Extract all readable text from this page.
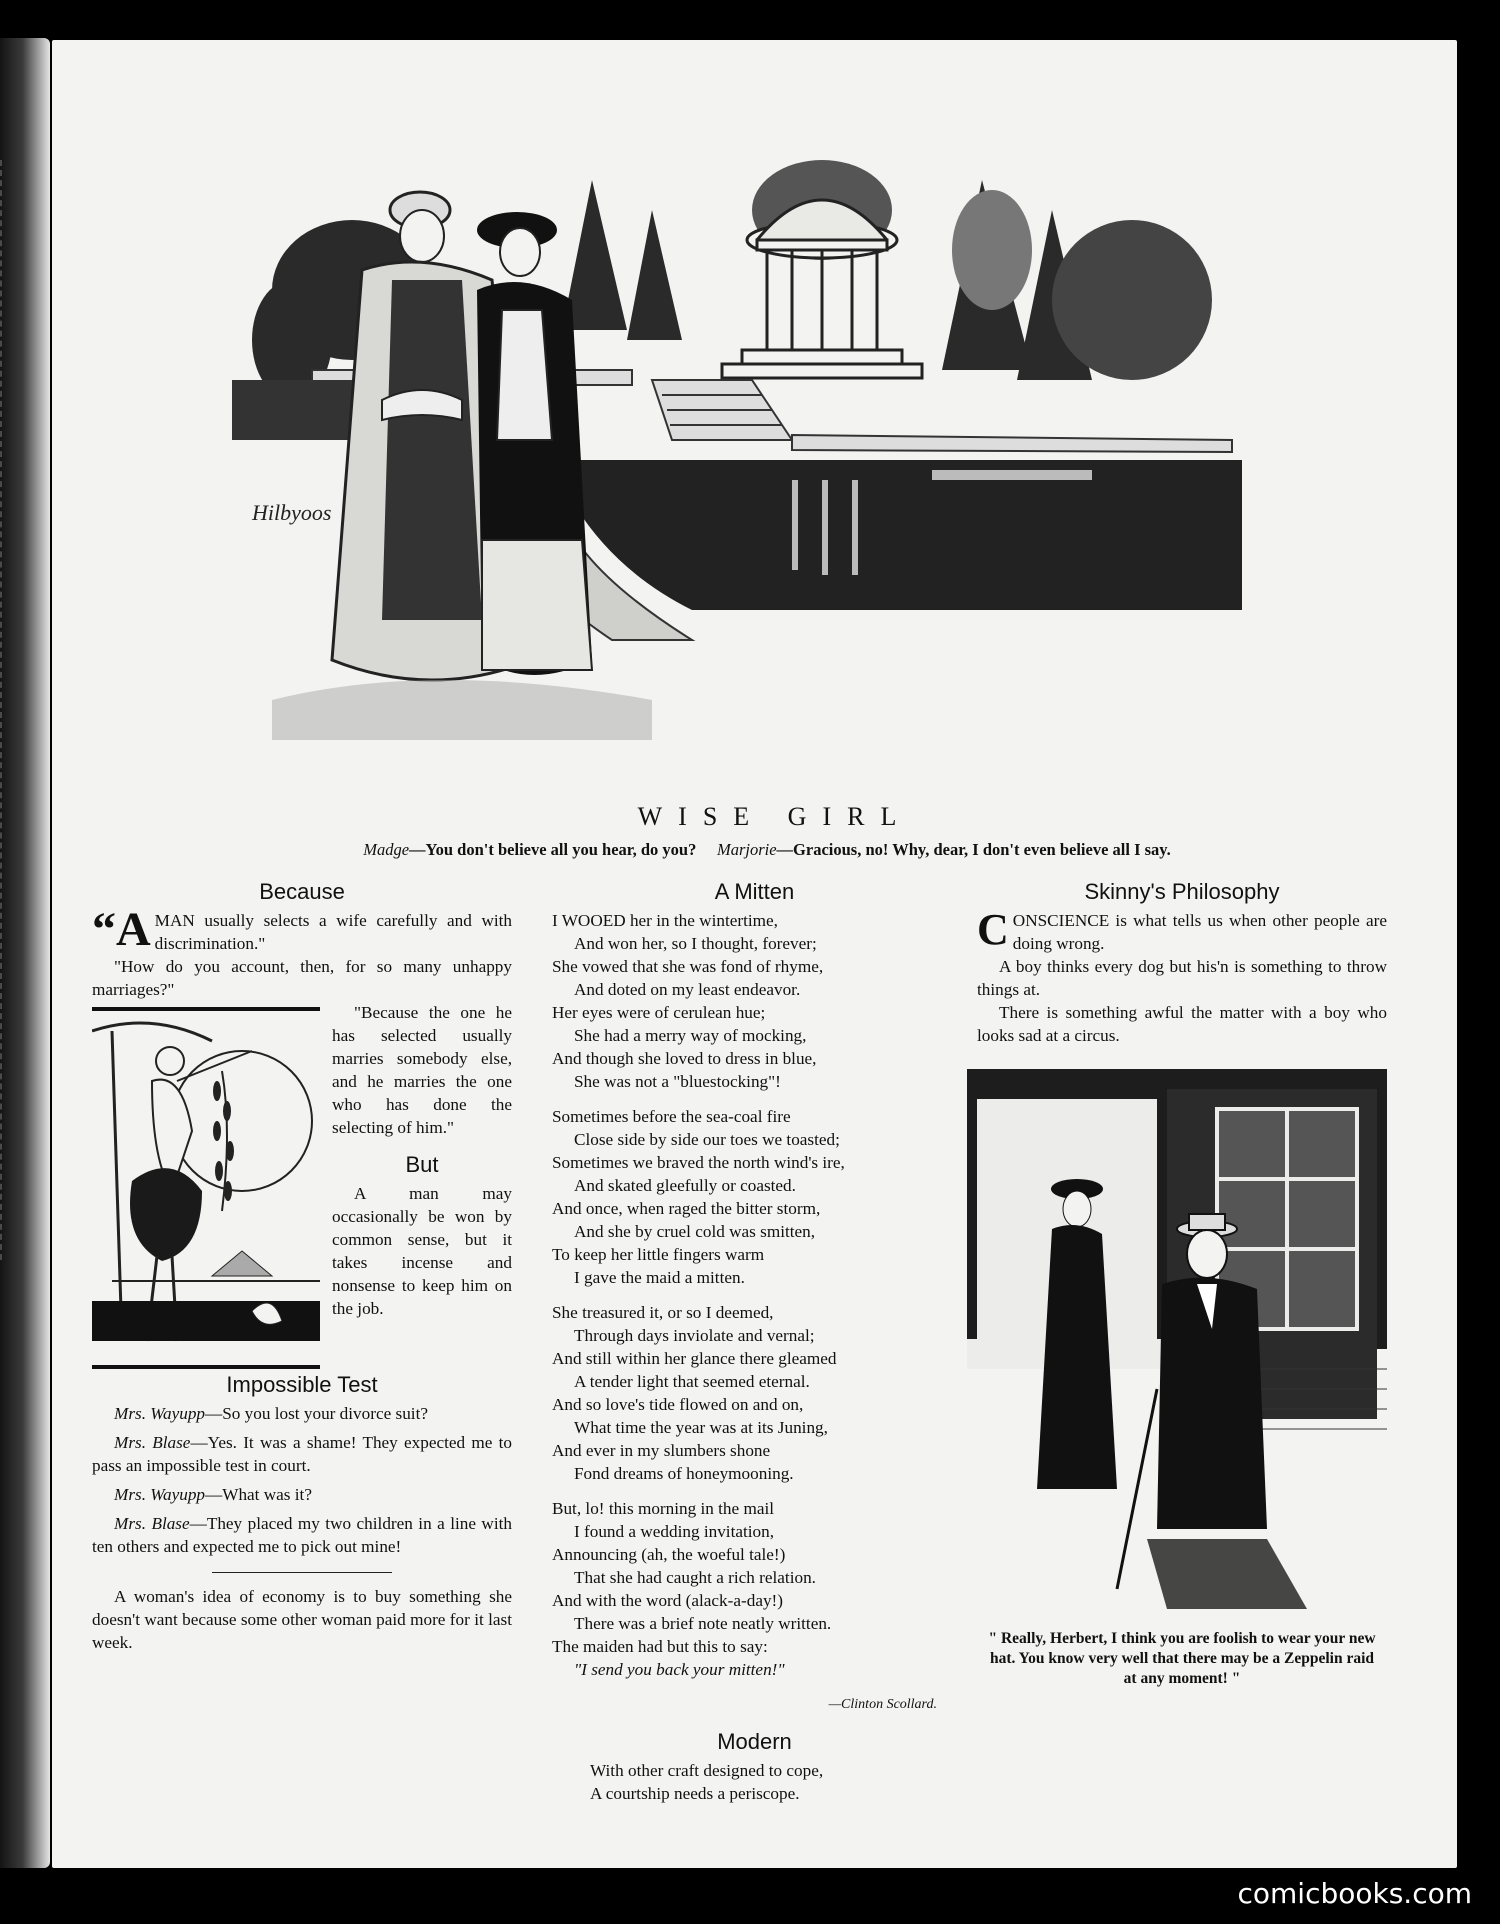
Hilbyoos
WISE GIRL
Madge—You don't believe all you hear, do you? Marjorie—Gracious, no! Why, dear, I don't even believe all I say.
Because

“A MAN usually selects a wife carefully and with discrimination."

"How do you account, then, for so many unhappy marriages?"

"Because the one he has selected usually marries somebody else, and he marries the one who has done the selecting of him."

But

A man may occasionally be won by common sense, but it takes incense and nonsense to keep him on the job.

Impossible Test

Mrs. Wayupp—So you lost your divorce suit?

Mrs. Blase—Yes. It was a shame! They expected me to pass an impossible test in court.

Mrs. Wayupp—What was it?

Mrs. Blase—They placed my two children in a line with ten others and expected me to pick out mine!

A woman's idea of economy is to buy something she doesn't want because some other woman paid more for it last week.

A Mitten
I WOOED her in the wintertime,
And won her, so I thought, forever;
She vowed that she was fond of rhyme,
And doted on my least endeavor.
Her eyes were of cerulean hue;
She had a merry way of mocking,
And though she loved to dress in blue,
She was not a "bluestocking"!
Sometimes before the sea-coal fire
Close side by side our toes we toasted;
Sometimes we braved the north wind's ire,
And skated gleefully or coasted.
And once, when raged the bitter storm,
And she by cruel cold was smitten,
To keep her little fingers warm
I gave the maid a mitten.
She treasured it, or so I deemed,
Through days inviolate and vernal;
And still within her glance there gleamed
A tender light that seemed eternal.
And so love's tide flowed on and on,
What time the year was at its Juning,
And ever in my slumbers shone
Fond dreams of honeymooning.
But, lo! this morning in the mail
I found a wedding invitation,
Announcing (ah, the woeful tale!)
That she had caught a rich relation.
And with the word (alack-a-day!)
There was a brief note neatly written.
The maiden had but this to say:
"I send you back your mitten!"
—Clinton Scollard.
Modern
With other craft designed to cope,
A courtship needs a periscope.
Skinny's Philosophy

CONSCIENCE is what tells us when other people are doing wrong.

A boy thinks every dog but his'n is something to throw things at.

There is something awful the matter with a boy who looks sad at a circus.

" Really, Herbert, I think you are foolish to wear your new hat. You know very well that there may be a Zeppelin raid at any moment! "

comicbooks.com
